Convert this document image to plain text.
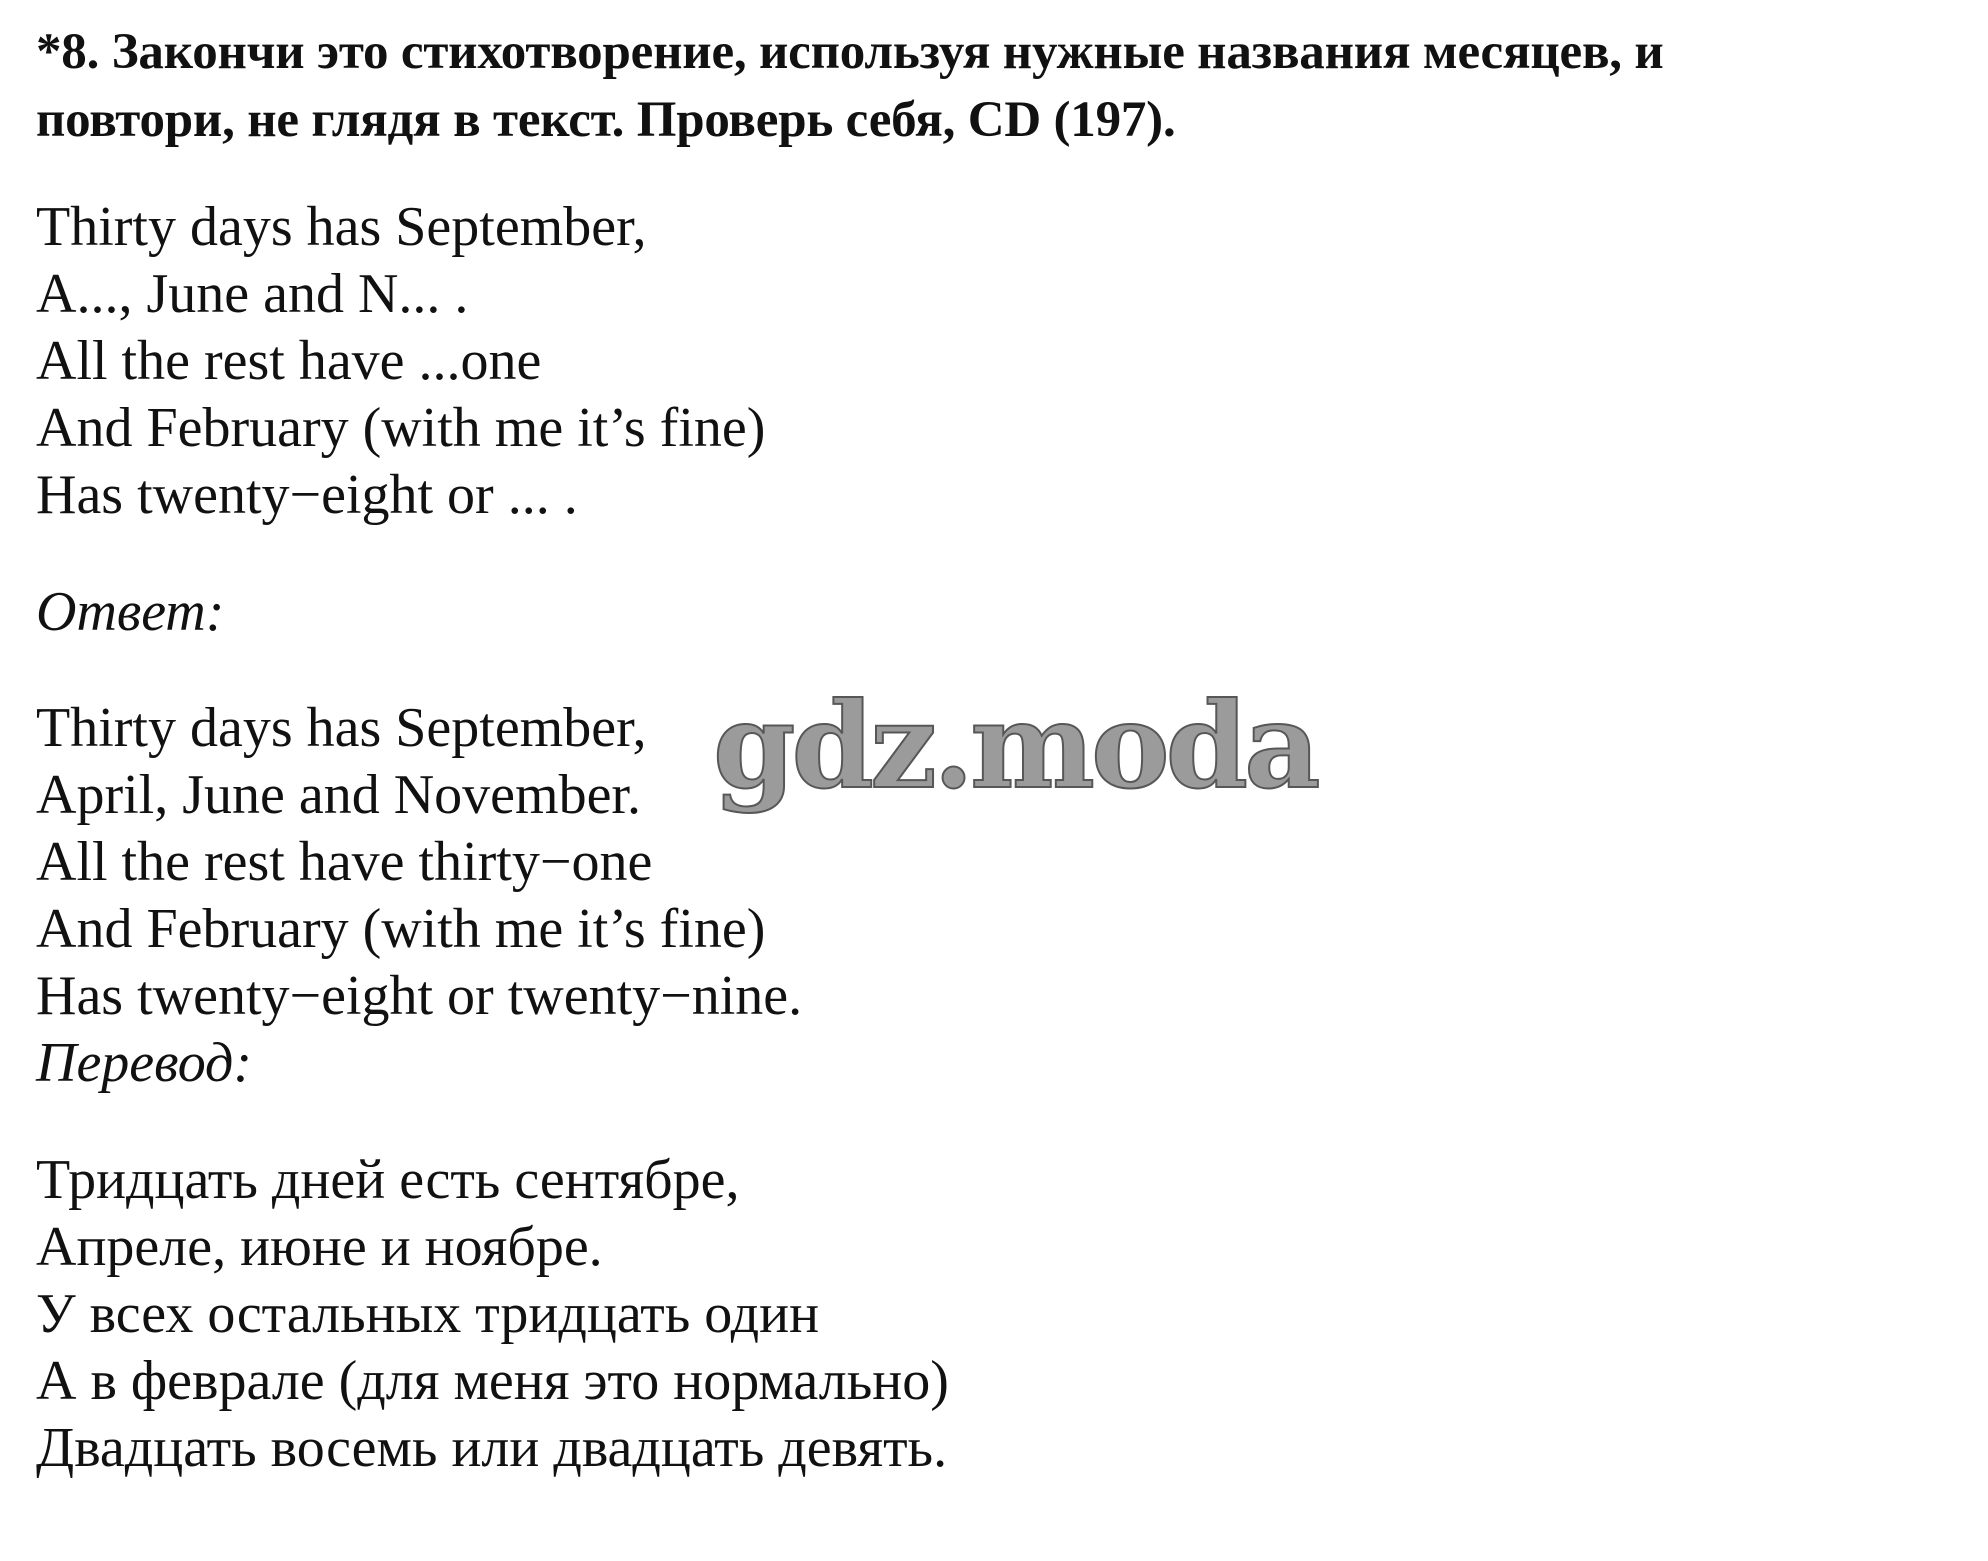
*8. Закончи это стихотворение, используя нужные названия месяцев, и
повтори, не глядя в текст. Проверь себя, CD (197).
Thirty days has September,
A..., June and N... .
All the rest have ...one
And February (with me it’s fine)
Has twenty−eight or ... .

Ответ:

Thirty days has September,
April, June and November.
All the rest have thirty−one
And February (with me it’s fine)
Has twenty−eight or twenty−nine.

Перевод:

Тридцать дней есть сентябре,
Апреле, июне и ноябре.
У всех остальных тридцать один
А в феврале (для меня это нормально)
Двадцать восемь или двадцать девять.
gdz.moda
